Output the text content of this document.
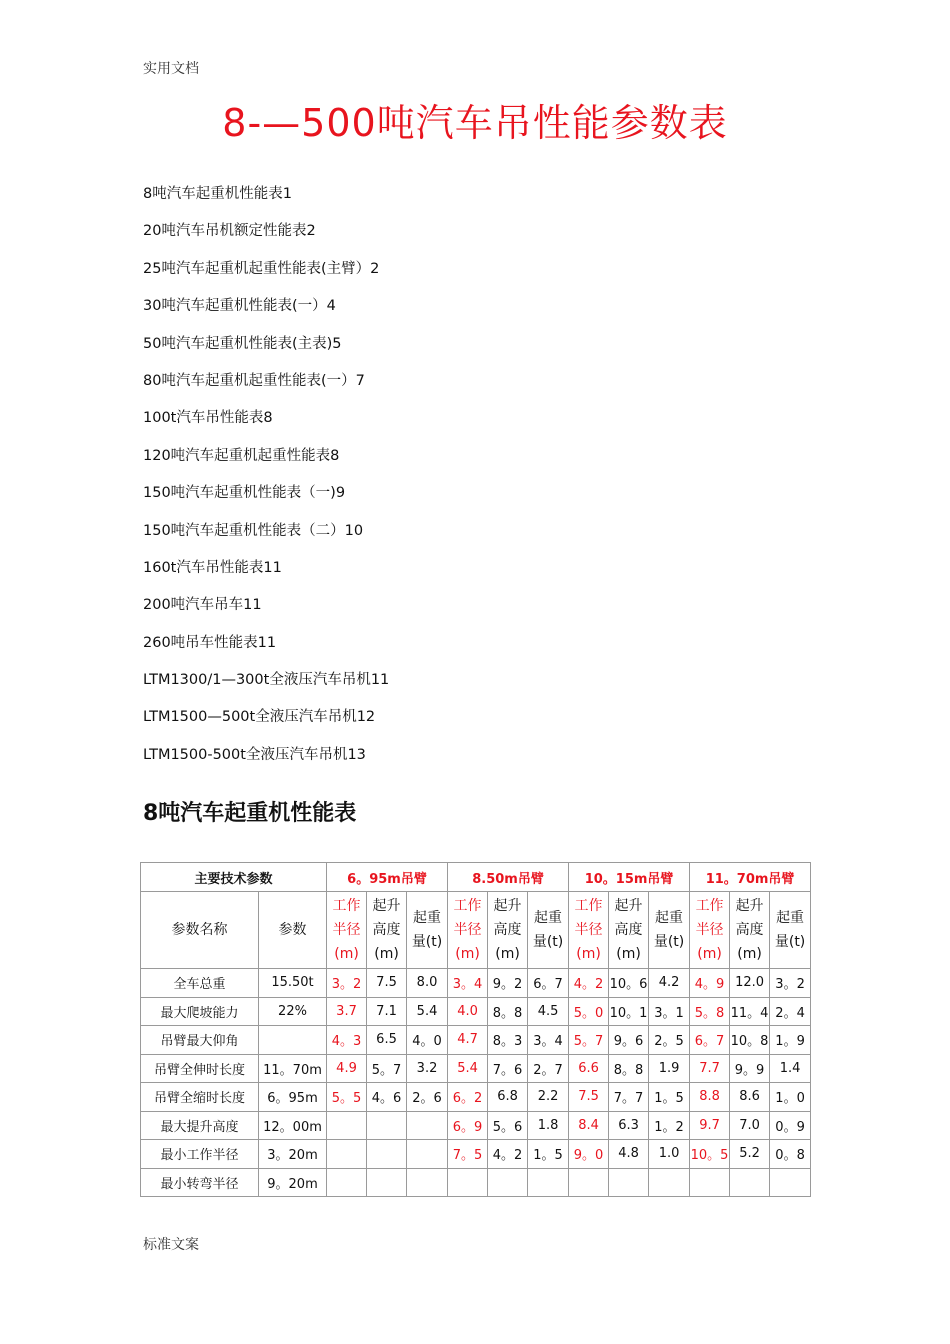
实用文档
8-—500吨汽车吊性能参数表
8吨汽车起重机性能表1
20吨汽车吊机额定性能表2
25吨汽车起重机起重性能表(主臂）2
30吨汽车起重机性能表(一）4
50吨汽车起重机性能表(主表)5
80吨汽车起重机起重性能表(一）7
100t汽车吊性能表8
120吨汽车起重机起重性能表8
150吨汽车起重机性能表（一)9
150吨汽车起重机性能表（二）10
160t汽车吊性能表11
200吨汽车吊车11
260吨吊车性能表11
LTM1300/1—300t全液压汽车吊机11
LTM1500—500t全液压汽车吊机12
LTM1500-500t全液压汽车吊机13
8吨汽车起重机性能表
主要技术参数		6。95m吊臂			8.50m吊臂			10。15m吊臂			11。70m吊臂		
参数名称	参数	工作半径(m)	起升高度(m)	起重量(t)	工作半径(m)	起升高度(m)	起重量(t)	工作半径(m)	起升高度(m)	起重量(t)	工作半径(m)	起升高度(m)	起重量(t)
全车总重	15.50t	3。2	7.5	8.0	3。4	9。2	6。7	4。2	10。6	4.2	4。9	12.0	3。2
最大爬坡能力	22%	3.7	7.1	5.4	4.0	8。8	4.5	5。0	10。1	3。1	5。8	11。4	2。4
吊臂最大仰角		4。3	6.5	4。0	4.7	8。3	3。4	5。7	9。6	2。5	6。7	10。8	1。9
吊臂全伸时长度	11。70m	4.9	5。7	3.2	5.4	7。6	2。7	6.6	8。8	1.9	7.7	9。9	1.4
吊臂全缩时长度	6。95m	5。5	4。6	2。6	6。2	6.8	2.2	7.5	7。7	1。5	8.8	8.6	1。0
最大提升高度	12。00m				6。9	5。6	1.8	8.4	6.3	1。2	9.7	7.0	0。9
最小工作半径	3。20m				7。5	4。2	1。5	9。0	4.8	1.0	10。5	5.2	0。8
最小转弯半径	9。20m												
标准文案
